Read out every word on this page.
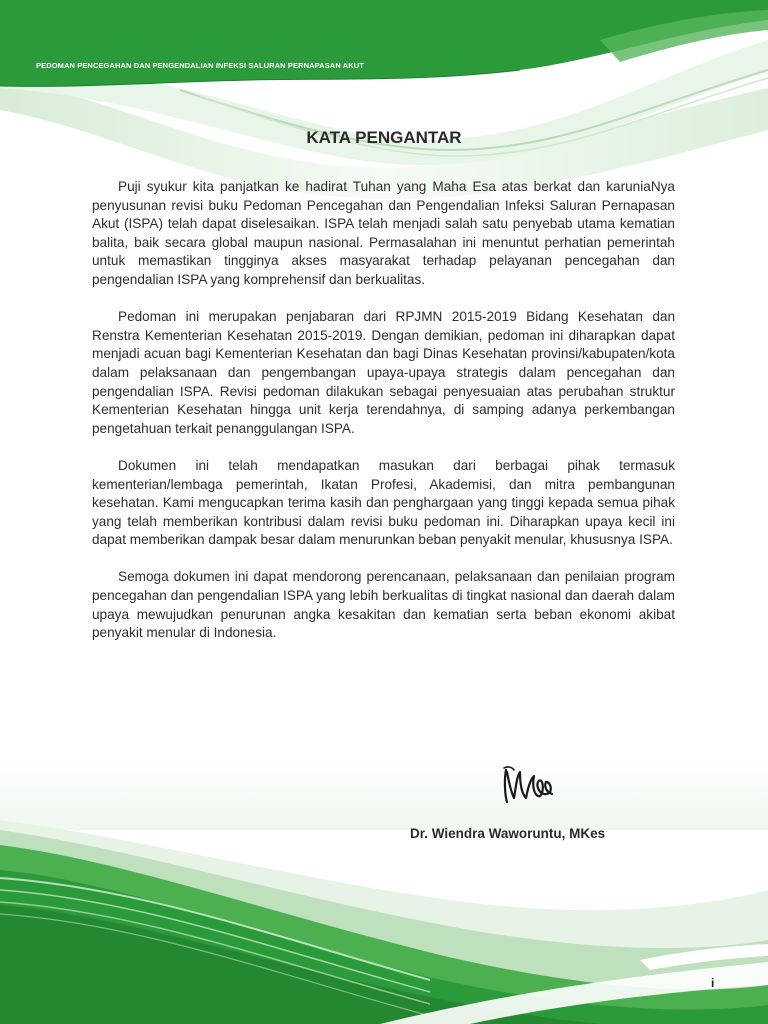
PEDOMAN PENCEGAHAN DAN PENGENDALIAN INFEKSI SALURAN PERNAPASAN AKUT
KATA PENGANTAR

Puji syukur kita panjatkan ke hadirat Tuhan yang Maha Esa atas berkat dan karuniaNya penyusunan revisi buku Pedoman Pencegahan dan Pengendalian Infeksi Saluran Pernapasan Akut (ISPA) telah dapat diselesaikan. ISPA telah menjadi salah satu penyebab utama kematian balita, baik secara global maupun nasional. Permasalahan ini menuntut perhatian pemerintah untuk memastikan tingginya akses masyarakat terhadap pelayanan pencegahan dan pengendalian ISPA yang komprehensif dan berkualitas.

Pedoman ini merupakan penjabaran dari RPJMN 2015-2019 Bidang Kesehatan dan Renstra Kementerian Kesehatan 2015-2019. Dengan demikian, pedoman ini diharapkan dapat menjadi acuan bagi Kementerian Kesehatan dan bagi Dinas Kesehatan provinsi/kabupaten/kota dalam pelaksanaan dan pengembangan upaya-upaya strategis dalam pencegahan dan pengendalian ISPA. Revisi pedoman dilakukan sebagai penyesuaian atas perubahan struktur Kementerian Kesehatan hingga unit kerja terendahnya, di samping adanya perkembangan pengetahuan terkait penanggulangan ISPA.

Dokumen ini telah mendapatkan masukan dari berbagai pihak termasuk kementerian/lembaga pemerintah, Ikatan Profesi, Akademisi, dan mitra pembangunan kesehatan. Kami mengucapkan terima kasih dan penghargaan yang tinggi kepada semua pihak yang telah memberikan kontribusi dalam revisi buku pedoman ini. Diharapkan upaya kecil ini dapat memberikan dampak besar dalam menurunkan beban penyakit menular, khususnya ISPA.

Semoga dokumen ini dapat mendorong perencanaan, pelaksanaan dan penilaian program pencegahan dan pengendalian ISPA yang lebih berkualitas di tingkat nasional dan daerah dalam upaya mewujudkan penurunan angka kesakitan dan kematian serta beban ekonomi akibat penyakit menular di Indonesia.

Dr. Wiendra Waworuntu, MKes
i
